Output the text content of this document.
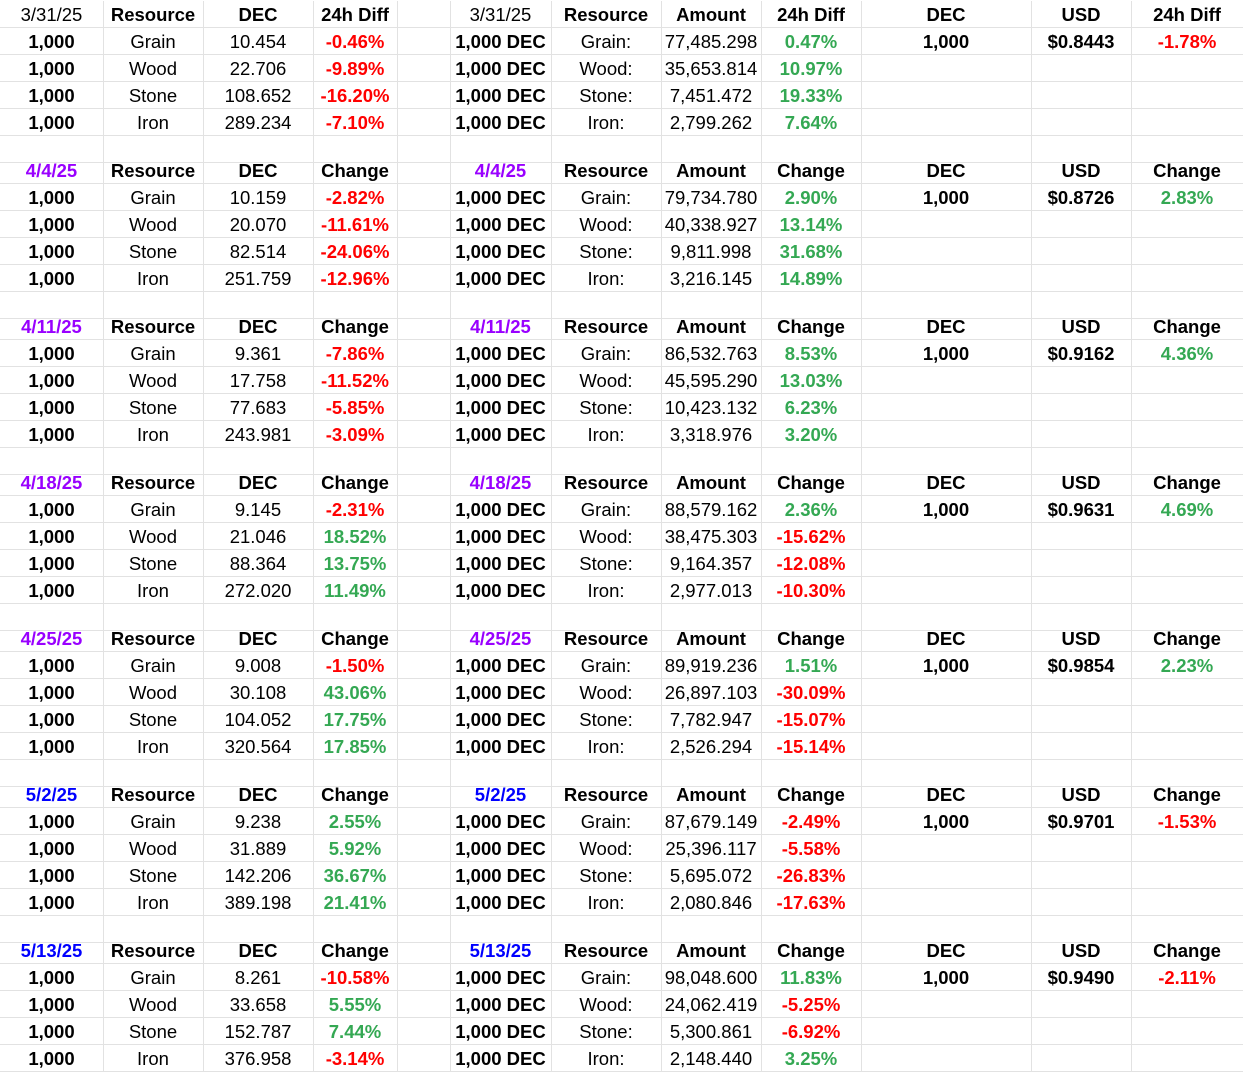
3/31/25	Resource	DEC	24h Diff	3/31/25	Resource	Amount	24h Diff	DEC	USD	24h Diff
1,000	Grain	10.454	-0.46%	1,000 DEC	Grain:	77,485.298	0.47%	1,000	$0.8443	-1.78%
1,000	Wood	22.706	-9.89%	1,000 DEC	Wood:	35,653.814	10.97%
1,000	Stone	108.652	-16.20%	1,000 DEC	Stone:	7,451.472	19.33%
1,000	Iron	289.234	-7.10%	1,000 DEC	Iron:	2,799.262	7.64%
4/4/25	Resource	DEC	Change	4/4/25	Resource	Amount	Change	DEC	USD	Change
1,000	Grain	10.159	-2.82%	1,000 DEC	Grain:	79,734.780	2.90%	1,000	$0.8726	2.83%
1,000	Wood	20.070	-11.61%	1,000 DEC	Wood:	40,338.927	13.14%
1,000	Stone	82.514	-24.06%	1,000 DEC	Stone:	9,811.998	31.68%
1,000	Iron	251.759	-12.96%	1,000 DEC	Iron:	3,216.145	14.89%
4/11/25	Resource	DEC	Change	4/11/25	Resource	Amount	Change	DEC	USD	Change
1,000	Grain	9.361	-7.86%	1,000 DEC	Grain:	86,532.763	8.53%	1,000	$0.9162	4.36%
1,000	Wood	17.758	-11.52%	1,000 DEC	Wood:	45,595.290	13.03%
1,000	Stone	77.683	-5.85%	1,000 DEC	Stone:	10,423.132	6.23%
1,000	Iron	243.981	-3.09%	1,000 DEC	Iron:	3,318.976	3.20%
4/18/25	Resource	DEC	Change	4/18/25	Resource	Amount	Change	DEC	USD	Change
1,000	Grain	9.145	-2.31%	1,000 DEC	Grain:	88,579.162	2.36%	1,000	$0.9631	4.69%
1,000	Wood	21.046	18.52%	1,000 DEC	Wood:	38,475.303	-15.62%
1,000	Stone	88.364	13.75%	1,000 DEC	Stone:	9,164.357	-12.08%
1,000	Iron	272.020	11.49%	1,000 DEC	Iron:	2,977.013	-10.30%
4/25/25	Resource	DEC	Change	4/25/25	Resource	Amount	Change	DEC	USD	Change
1,000	Grain	9.008	-1.50%	1,000 DEC	Grain:	89,919.236	1.51%	1,000	$0.9854	2.23%
1,000	Wood	30.108	43.06%	1,000 DEC	Wood:	26,897.103	-30.09%
1,000	Stone	104.052	17.75%	1,000 DEC	Stone:	7,782.947	-15.07%
1,000	Iron	320.564	17.85%	1,000 DEC	Iron:	2,526.294	-15.14%
5/2/25	Resource	DEC	Change	5/2/25	Resource	Amount	Change	DEC	USD	Change
1,000	Grain	9.238	2.55%	1,000 DEC	Grain:	87,679.149	-2.49%	1,000	$0.9701	-1.53%
1,000	Wood	31.889	5.92%	1,000 DEC	Wood:	25,396.117	-5.58%
1,000	Stone	142.206	36.67%	1,000 DEC	Stone:	5,695.072	-26.83%
1,000	Iron	389.198	21.41%	1,000 DEC	Iron:	2,080.846	-17.63%
5/13/25	Resource	DEC	Change	5/13/25	Resource	Amount	Change	DEC	USD	Change
1,000	Grain	8.261	-10.58%	1,000 DEC	Grain:	98,048.600	11.83%	1,000	$0.9490	-2.11%
1,000	Wood	33.658	5.55%	1,000 DEC	Wood:	24,062.419	-5.25%
1,000	Stone	152.787	7.44%	1,000 DEC	Stone:	5,300.861	-6.92%
1,000	Iron	376.958	-3.14%	1,000 DEC	Iron:	2,148.440	3.25%
